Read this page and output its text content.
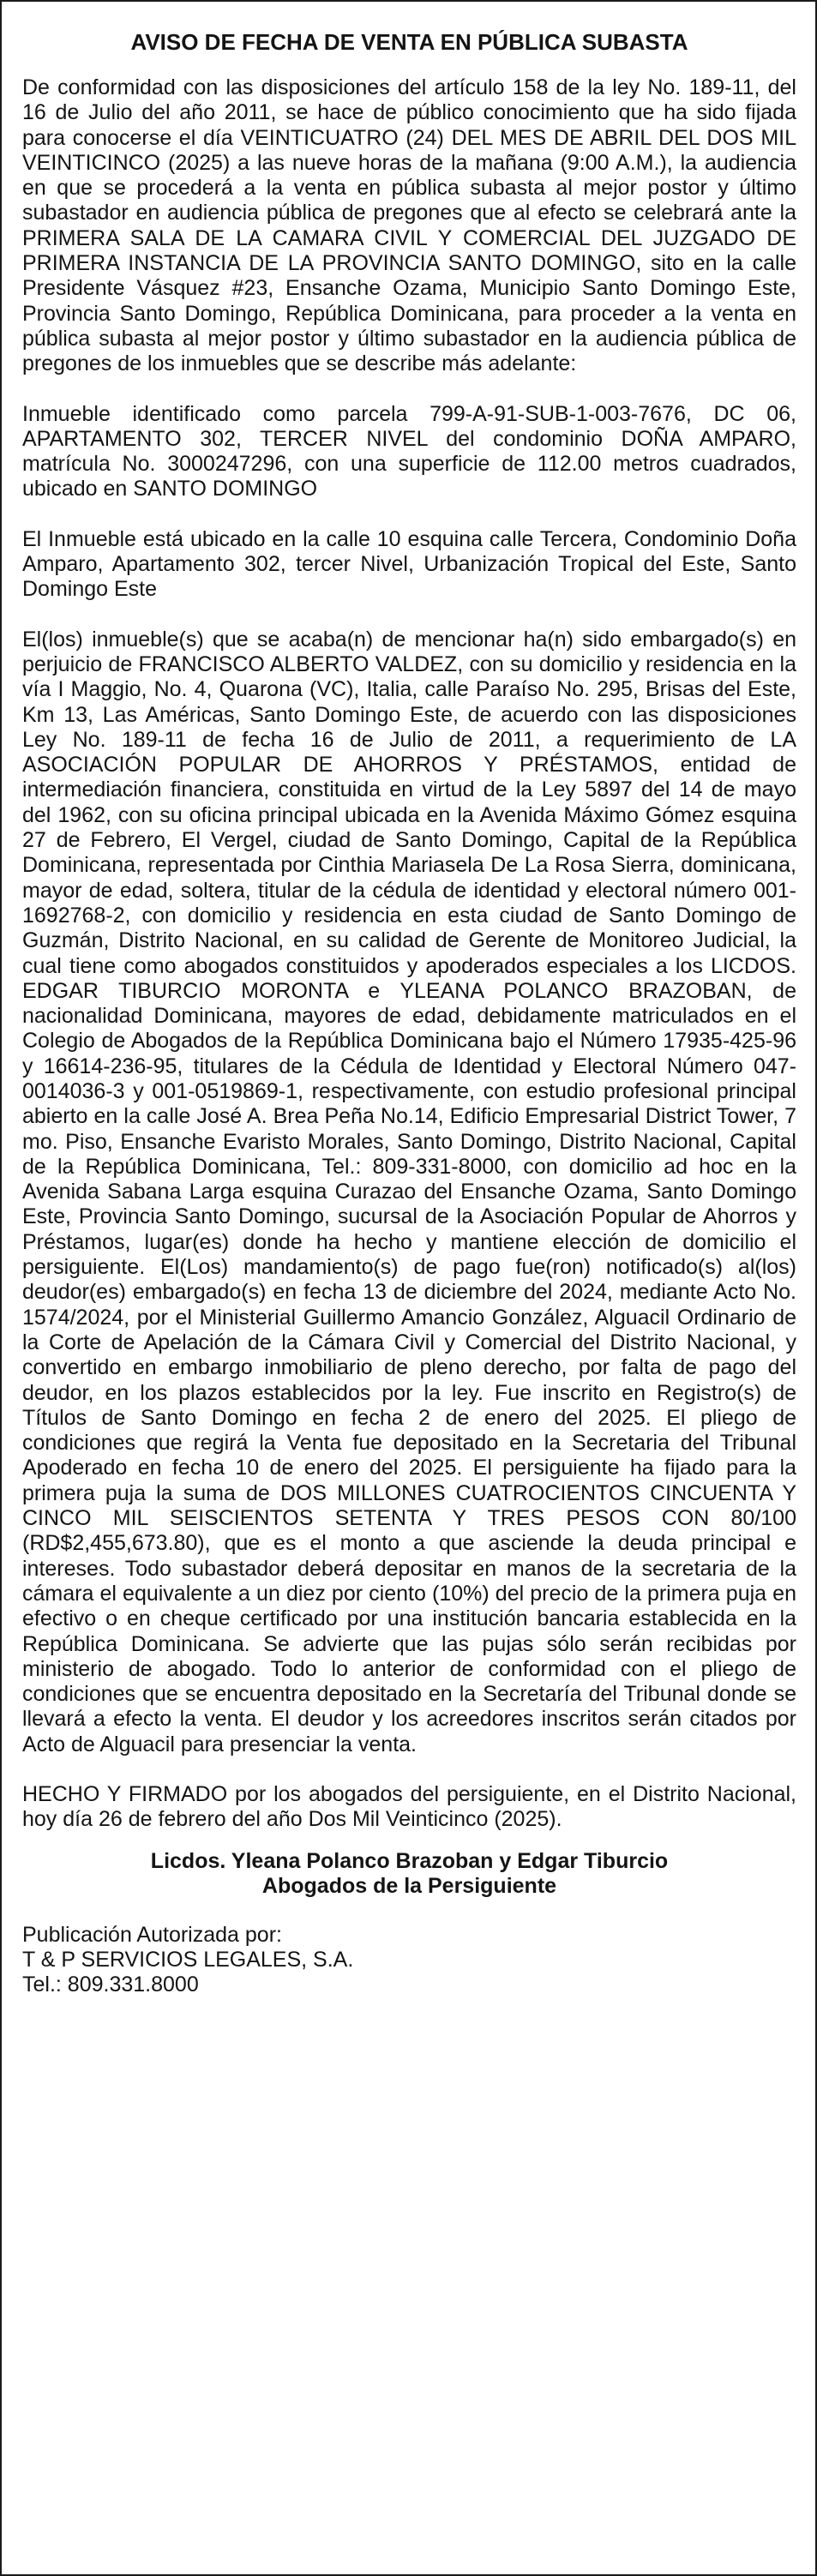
AVISO DE FECHA DE VENTA EN PÚBLICA SUBASTA

De conformidad con las disposiciones del artículo 158 de la ley No. 189-11, del 16 de Julio del año 2011, se hace de público conocimiento que ha sido fijada para conocerse el día VEINTICUATRO (24) DEL MES DE ABRIL DEL DOS MIL VEINTICINCO (2025) a las nueve horas de la mañana (9:00 A.M.), la audiencia en que se procederá a la venta en pública subasta al mejor postor y último subastador en audiencia pública de pregones que al efecto se celebrará ante la PRIMERA SALA DE LA CAMARA CIVIL Y COMERCIAL DEL JUZGADO DE PRIMERA INSTANCIA DE LA PROVINCIA SANTO DOMINGO, sito en la calle Presidente Vásquez #23, Ensanche Ozama, Municipio Santo Domingo Este, Provincia Santo Domingo, República Dominicana, para proceder a la venta en pública subasta al mejor postor y último subastador en la audiencia pública de pregones de los inmuebles que se describe más adelante:

Inmueble identificado como parcela 799-A-91-SUB-1-003-7676, DC 06, APARTAMENTO 302, TERCER NIVEL del condominio DOÑA AMPARO, matrícula No. 3000247296, con una superficie de 112.00 metros cuadrados, ubicado en SANTO DOMINGO

El Inmueble está ubicado en la calle 10 esquina calle Tercera, Condominio Doña Amparo, Apartamento 302, tercer Nivel, Urbanización Tropical del Este, Santo Domingo Este

El(los) inmueble(s) que se acaba(n) de mencionar ha(n) sido embargado(s) en perjuicio de FRANCISCO ALBERTO VALDEZ, con su domicilio y residencia en la vía I Maggio, No. 4, Quarona (VC), Italia, calle Paraíso No. 295, Brisas del Este, Km 13, Las Américas, Santo Domingo Este, de acuerdo con las disposiciones Ley No. 189-11 de fecha 16 de Julio de 2011, a requerimiento de LA ASOCIACIÓN POPULAR DE AHORROS Y PRÉSTAMOS, entidad de intermediación financiera, constituida en virtud de la Ley 5897 del 14 de mayo del 1962, con su oficina principal ubicada en la Avenida Máximo Gómez esquina 27 de Febrero, El Vergel, ciudad de Santo Domingo, Capital de la República Dominicana, representada por Cinthia Mariasela De La Rosa Sierra, dominicana, mayor de edad, soltera, titular de la cédula de identidad y electoral número 001-1692768-2, con domicilio y residencia en esta ciudad de Santo Domingo de Guzmán, Distrito Nacional, en su calidad de Gerente de Monitoreo Judicial, la cual tiene como abogados constituidos y apoderados especiales a los LICDOS. EDGAR TIBURCIO MORONTA e YLEANA POLANCO BRAZOBAN, de nacionalidad Dominicana, mayores de edad, debidamente matriculados en el Colegio de Abogados de la República Dominicana bajo el Número 17935-425-96 y 16614-236-95, titulares de la Cédula de Identidad y Electoral Número 047-0014036-3 y 001-0519869-1, respectivamente, con estudio profesional principal abierto en la calle José A. Brea Peña No.14, Edificio Empresarial District Tower, 7 mo. Piso, Ensanche Evaristo Morales, Santo Domingo, Distrito Nacional, Capital de la República Dominicana, Tel.: 809-331-8000, con domicilio ad hoc en la Avenida Sabana Larga esquina Curazao del Ensanche Ozama, Santo Domingo Este, Provincia Santo Domingo, sucursal de la Asociación Popular de Ahorros y Préstamos, lugar(es) donde ha hecho y mantiene elección de domicilio el persiguiente. El(Los) mandamiento(s) de pago fue(ron) notificado(s) al(los) deudor(es) embargado(s) en fecha 13 de diciembre del 2024, mediante Acto No. 1574/2024, por el Ministerial Guillermo Amancio González, Alguacil Ordinario de la Corte de Apelación de la Cámara Civil y Comercial del Distrito Nacional, y convertido en embargo inmobiliario de pleno derecho, por falta de pago del deudor, en los plazos establecidos por la ley. Fue inscrito en Registro(s) de Títulos de Santo Domingo en fecha 2 de enero del 2025. El pliego de condiciones que regirá la Venta fue depositado en la Secretaria del Tribunal Apoderado en fecha 10 de enero del 2025. El persiguiente ha fijado para la primera puja la suma de DOS MILLONES CUATROCIENTOS CINCUENTA Y CINCO MIL SEISCIENTOS SETENTA Y TRES PESOS CON 80/100 (RD$2,455,673.80), que es el monto a que asciende la deuda principal e intereses. Todo subastador deberá depositar en manos de la secretaria de la cámara el equivalente a un diez por ciento (10%) del precio de la primera puja en efectivo o en cheque certificado por una institución bancaria establecida en la República Dominicana. Se advierte que las pujas sólo serán recibidas por ministerio de abogado. Todo lo anterior de conformidad con el pliego de condiciones que se encuentra depositado en la Secretaría del Tribunal donde se llevará a efecto la venta. El deudor y los acreedores inscritos serán citados por Acto de Alguacil para presenciar la venta.

HECHO Y FIRMADO por los abogados del persiguiente, en el Distrito Nacional, hoy día 26 de febrero del año Dos Mil Veinticinco (2025).

Licdos. Yleana Polanco Brazoban y Edgar Tiburcio
Abogados de la Persiguiente
Publicación Autorizada por:
T & P SERVICIOS LEGALES, S.A.
Tel.: 809.331.8000
